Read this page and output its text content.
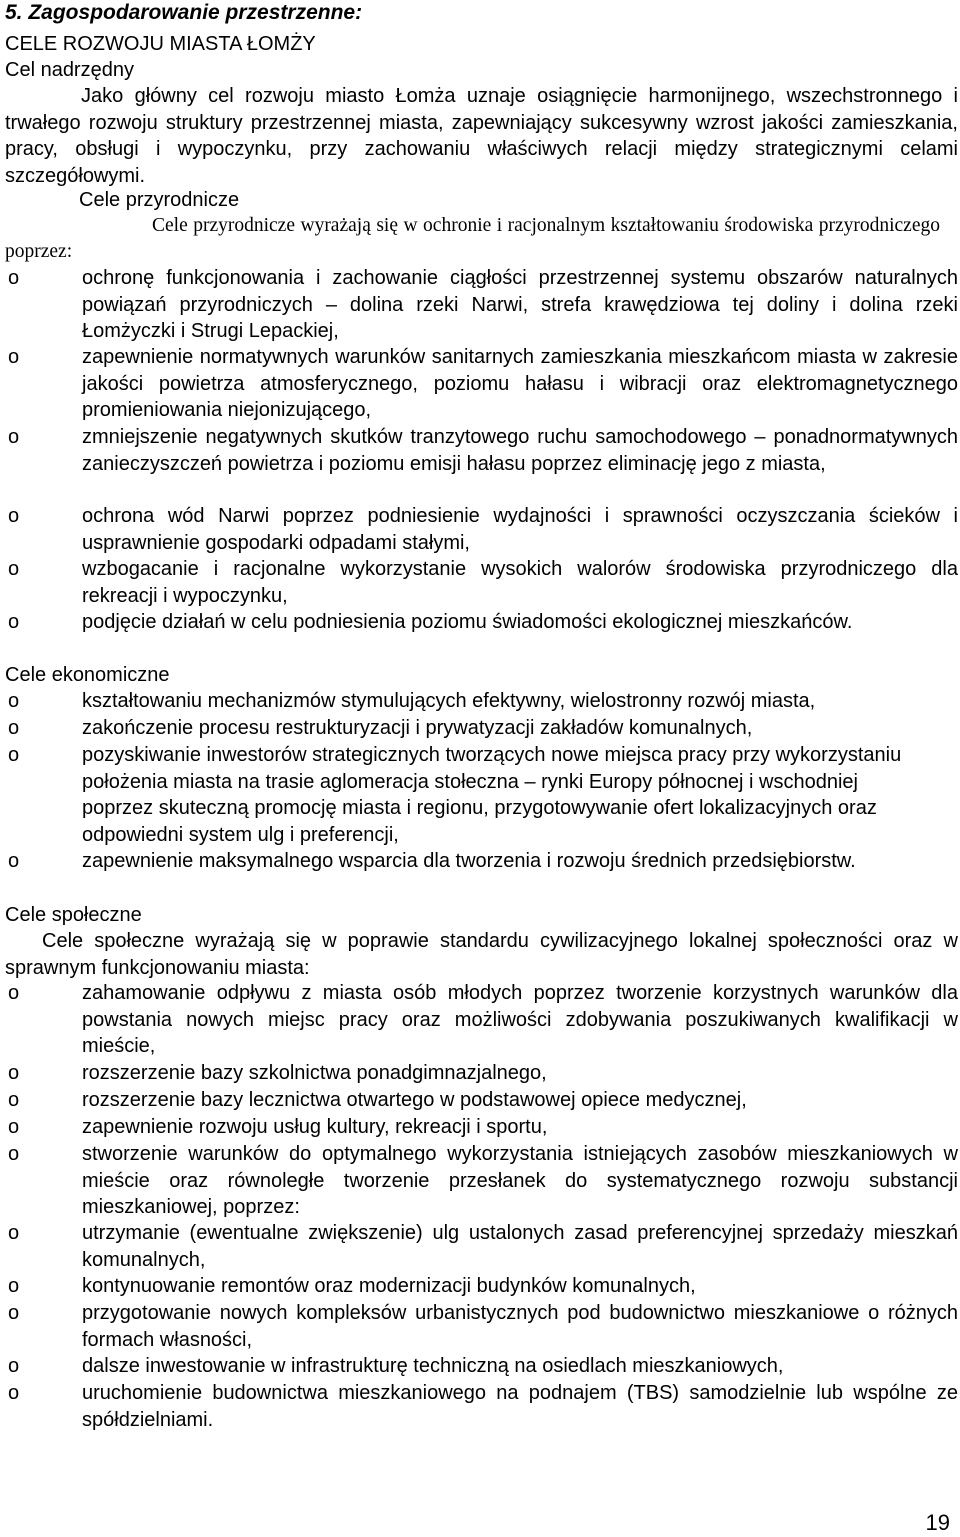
5. Zagospodarowanie przestrzenne:
CELE ROZWOJU MIASTA ŁOMŻY
Cel nadrzędny
Jako główny cel rozwoju miasto Łomża uznaje osiągnięcie harmonijnego, wszechstronnego i trwałego rozwoju struktury przestrzennej miasta, zapewniający sukcesywny wzrost jakości zamieszkania, pracy, obsługi i wypoczynku, przy zachowaniu właściwych relacji między strategicznymi celami szczegółowymi.
Cele przyrodnicze
Cele przyrodnicze wyrażają się w ochronie i racjonalnym kształtowaniu środowiska przyrodniczego poprzez:
o	ochronę funkcjonowania i zachowanie ciągłości przestrzennej systemu obszarów naturalnych powiązań przyrodniczych – dolina rzeki Narwi, strefa krawędziowa tej doliny i dolina rzeki Łomżyczki i Strugi Lepackiej,
o	zapewnienie normatywnych warunków sanitarnych zamieszkania mieszkańcom miasta w zakresie jakości powietrza atmosferycznego, poziomu hałasu i wibracji oraz elektromagnetycznego promieniowania niejonizującego,
o	zmniejszenie negatywnych skutków tranzytowego ruchu samochodowego – ponadnormatywnych zanieczyszczeń powietrza i poziomu emisji hałasu poprzez eliminację jego z miasta,
o	ochrona wód Narwi poprzez podniesienie wydajności i sprawności oczyszczania ścieków i usprawnienie gospodarki odpadami stałymi,
o	wzbogacanie i racjonalne wykorzystanie wysokich walorów środowiska przyrodniczego dla rekreacji i wypoczynku,
o	podjęcie działań w celu podniesienia poziomu świadomości ekologicznej mieszkańców.
Cele ekonomiczne
o	kształtowaniu mechanizmów stymulujących efektywny, wielostronny rozwój miasta,
o	zakończenie procesu restrukturyzacji i prywatyzacji zakładów komunalnych,
o	pozyskiwanie inwestorów strategicznych tworzących nowe miejsca pracy przy wykorzystaniu położenia miasta na trasie aglomeracja stołeczna – rynki Europy północnej i wschodniej poprzez skuteczną promocję miasta i regionu, przygotowywanie ofert lokalizacyjnych oraz odpowiedni system ulg i preferencji,
o	zapewnienie maksymalnego wsparcia dla tworzenia i rozwoju średnich przedsiębiorstw.
Cele społeczne
Cele społeczne wyrażają się w poprawie standardu cywilizacyjnego lokalnej społeczności oraz w sprawnym funkcjonowaniu miasta:
o	zahamowanie odpływu z miasta osób młodych poprzez tworzenie korzystnych warunków dla powstania nowych miejsc pracy oraz możliwości zdobywania poszukiwanych kwalifikacji w mieście,
o	rozszerzenie bazy szkolnictwa ponadgimnazjalnego,
o	rozszerzenie bazy lecznictwa otwartego w podstawowej opiece medycznej,
o	zapewnienie rozwoju usług kultury, rekreacji i sportu,
o	stworzenie warunków do optymalnego wykorzystania istniejących zasobów mieszkaniowych w mieście oraz równoległe tworzenie przesłanek do systematycznego rozwoju substancji mieszkaniowej, poprzez:
o	utrzymanie (ewentualne zwiększenie) ulg ustalonych zasad preferencyjnej sprzedaży mieszkań komunalnych,
o	kontynuowanie remontów oraz modernizacji budynków komunalnych,
o	przygotowanie nowych kompleksów urbanistycznych pod budownictwo mieszkaniowe o różnych formach własności,
o	dalsze inwestowanie w infrastrukturę techniczną na osiedlach mieszkaniowych,
o	uruchomienie budownictwa mieszkaniowego na podnajem (TBS) samodzielnie lub wspólne ze spółdzielniami.
19
